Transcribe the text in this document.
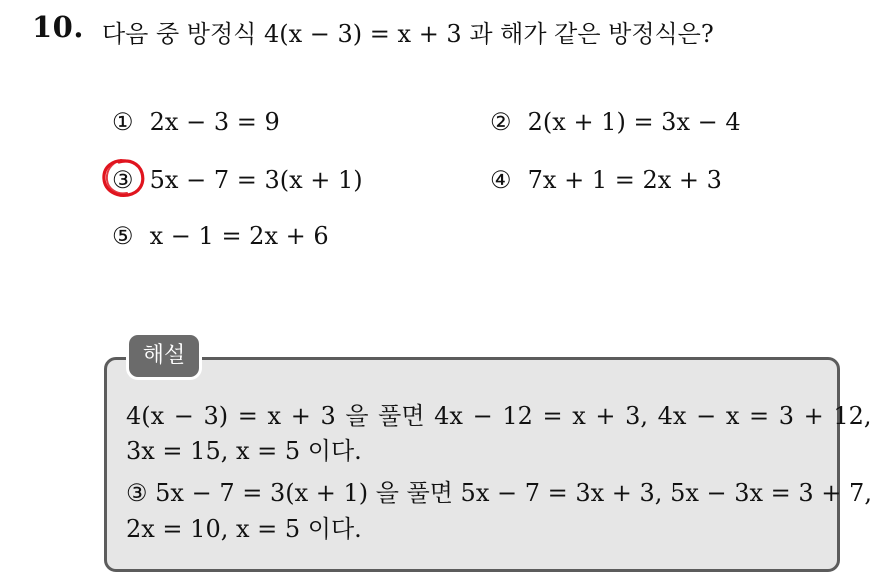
10. 다음 중 방정식 4(x − 3) = x + 3 과 해가 같은 방정식은?
① 2x − 3 = 9	② 2(x + 1) = 3x − 4
③ 5x − 7 = 3(x + 1)	④ 7x + 1 = 2x + 3
⑤ x − 1 = 2x + 6
해설
4(x − 3) = x + 3 을 풀면 4x − 12 = x + 3, 4x − x = 3 + 12,
3x = 15, x = 5 이다.
③ 5x − 7 = 3(x + 1) 을 풀면 5x − 7 = 3x + 3, 5x − 3x = 3 + 7,
2x = 10, x = 5 이다.
